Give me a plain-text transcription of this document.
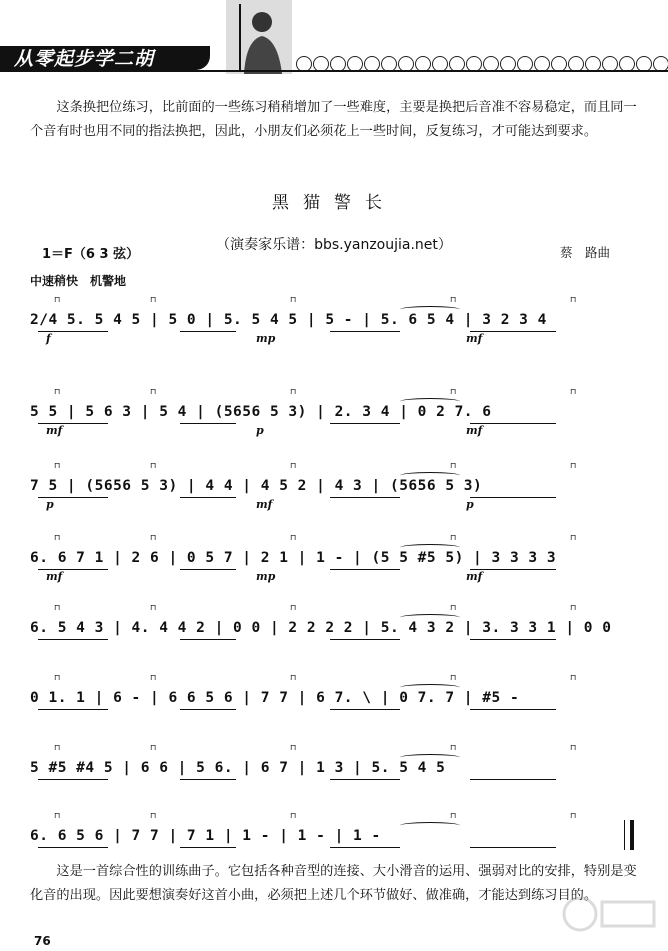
从零起步学二胡

这条换把位练习，比前面的一些练习稍稍增加了一些难度，主要是换把后音准不容易稳定，而且同一个音有时也用不同的指法换把，因此，小朋友们必须花上一些时间，反复练习，才可能达到要求。

黑猫警长
（演奏家乐谱：bbs.yanzoujia.net）
1＝F（6 3 弦）	蔡　路曲
中速稍快　机警地
2/4 5. 5 4 5 | 5 0 | 5. 5 4 5 | 5 - | 5. 6 5 4 | 3 2 3 4
⊓	⊓	⊓	⊓	⊓
f	mp	mf
5 5 | 5 6 3 | 5 4 | (5656 5 3) | 2. 3 4 | 0 2 7. 6
⊓	⊓	⊓	⊓	⊓
mf	p	mf
7 5 | (5656 5 3) | 4 4 | 4 5 2 | 4 3 | (5656 5 3)
⊓	⊓	⊓	⊓	⊓
p	mf	p
6. 6 7 1 | 2 6 | 0 5 7 | 2 1 | 1 - | (5 5 #5 5) | 3 3 3 3
⊓	⊓	⊓	⊓	⊓
mf	mp	mf
6. 5 4 3 | 4. 4 4 2 | 0 0 | 2 2 2 2 | 5. 4 3 2 | 3. 3 3 1 | 0 0
⊓	⊓	⊓	⊓	⊓
0 1. 1 | 6 - | 6 6 5 6 | 7 7 | 6 7. \ | 0 7. 7 | #5 -
⊓	⊓	⊓	⊓	⊓
5 #5 #4 5 | 6 6 | 5 6. | 6 7 | 1 3 | 5. 5 4 5
⊓	⊓	⊓	⊓	⊓
6. 6 5 6 | 7 7 | 7 1 | 1 - | 1 - | 1 -
⊓	⊓	⊓	⊓	⊓

这是一首综合性的训练曲子。它包括各种音型的连接、大小滑音的运用、强弱对比的安排，特别是变化音的出现。因此要想演奏好这首小曲，必须把上述几个环节做好、做准确，才能达到练习目的。

76
